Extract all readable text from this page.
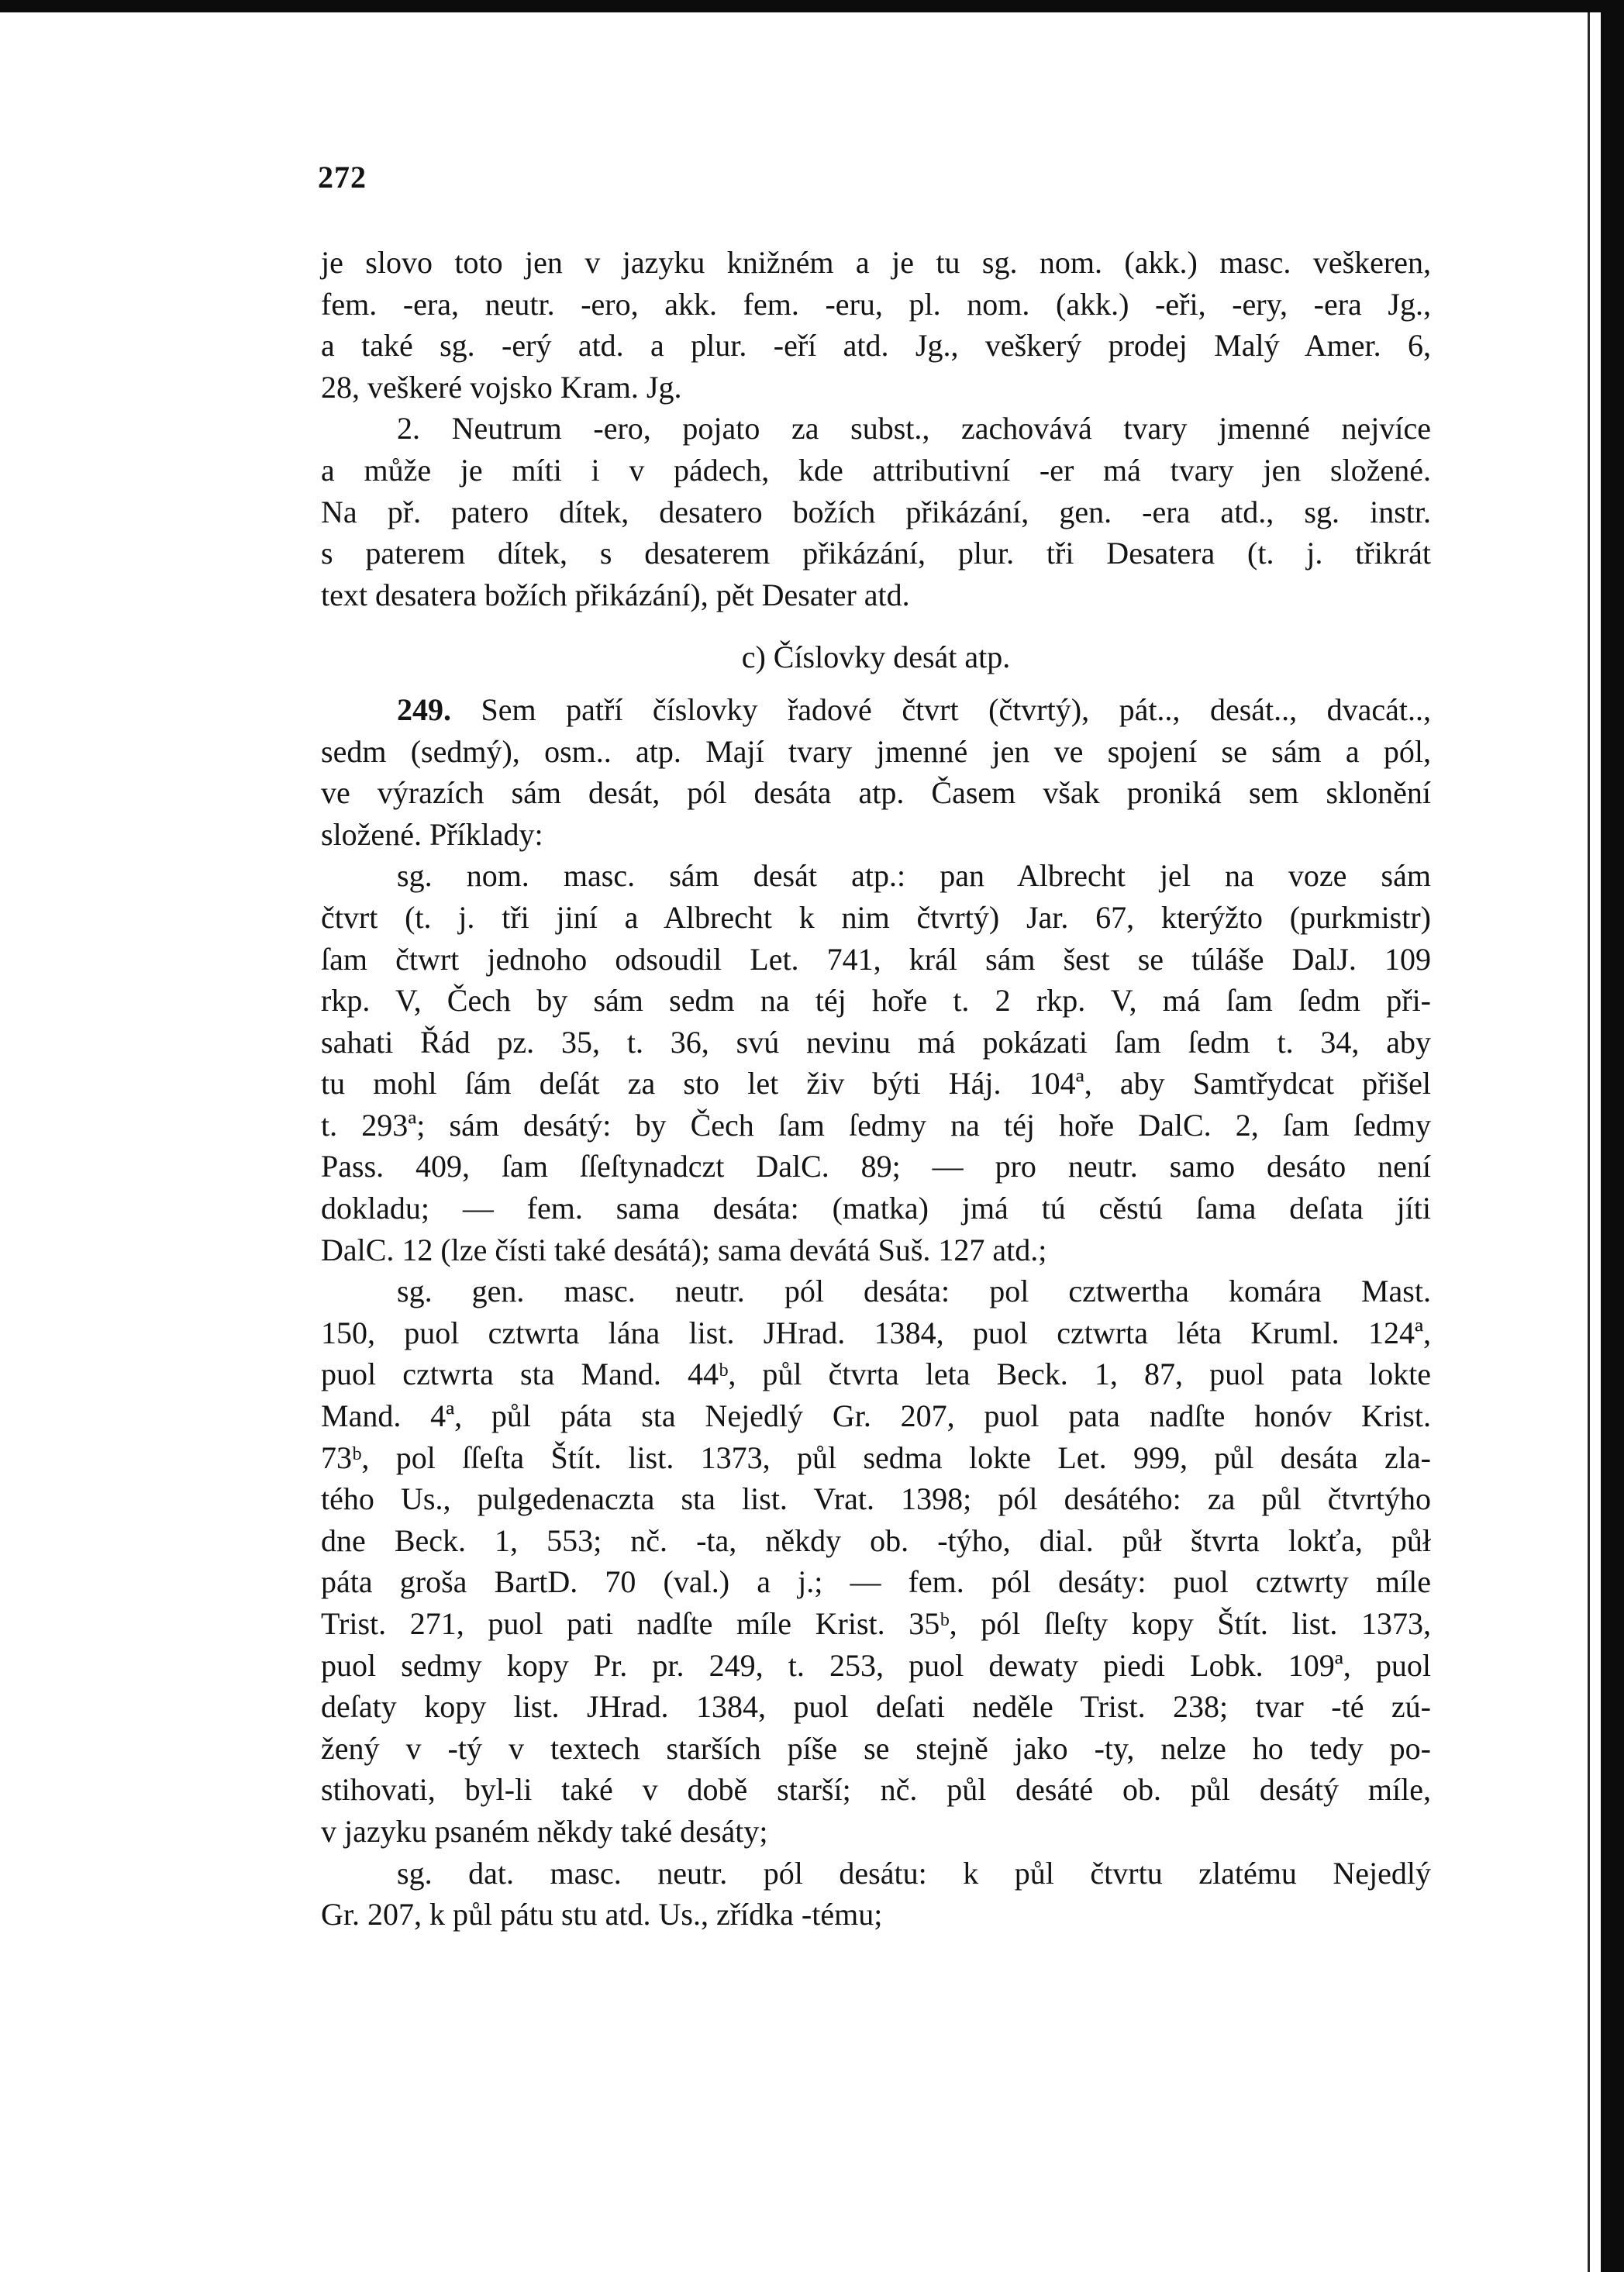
272
je slovo toto jen v jazyku knižném a je tu sg. nom. (akk.) masc. veškeren,
fem. -era, neutr. -ero, akk. fem. -eru, pl. nom. (akk.) -eři, -ery, -era Jg.,
a také sg. -erý atd. a plur. -eří atd. Jg., veškerý prodej Malý Amer. 6,
28, veškeré vojsko Kram. Jg.
2. Neutrum -ero, pojato za subst., zachovává tvary jmenné nejvíce
a může je míti i v pádech, kde attributivní -er má tvary jen složené.
Na př. patero dítek, desatero božích přikázání, gen. -era atd., sg. instr.
s paterem dítek, s desaterem přikázání, plur. tři Desatera (t. j. třikrát
text desatera božích přikázání), pět Desater atd.
c) Číslovky desát atp.
249. Sem patří číslovky řadové čtvrt (čtvrtý), pát.., desát.., dvacát..,
sedm (sedmý), osm.. atp. Mají tvary jmenné jen ve spojení se sám a pól,
ve výrazích sám desát, pól desáta atp. Časem však proniká sem sklonění
složené. Příklady:
sg. nom. masc. sám desát atp.: pan Albrecht jel na voze sám
čtvrt (t. j. tři jiní a Albrecht k nim čtvrtý) Jar. 67, kterýžto (purkmistr)
ſam čtwrt jednoho odsoudil Let. 741, král sám šest se túláše DalJ. 109
rkp. V, Čech by sám sedm na téj hoře t. 2 rkp. V, má ſam ſedm při-
sahati Řád pz. 35, t. 36, svú nevinu má pokázati ſam ſedm t. 34, aby
tu mohl ſám deſát za sto let živ býti Háj. 104ª, aby Samtřydcat přišel
t. 293ª; sám desátý: by Čech ſam ſedmy na téj hoře DalC. 2, ſam ſedmy
Pass. 409, ſam ſſeſtynadczt DalC. 89; — pro neutr. samo desáto není
dokladu; — fem. sama desáta: (matka) jmá tú cěstú ſama deſata jíti
DalC. 12 (lze čísti také desátá); sama devátá Suš. 127 atd.;
sg. gen. masc. neutr. pól desáta: pol cztwertha komára Mast.
150, puol cztwrta lána list. JHrad. 1384, puol cztwrta léta Kruml. 124ª,
puol cztwrta sta Mand. 44ᵇ, půl čtvrta leta Beck. 1, 87, puol pata lokte
Mand. 4ª, půl pátа sta Nejedlý Gr. 207, puol pata nadſte honóv Krist.
73ᵇ, pol ſſeſta Štít. list. 1373, půl sedma lokte Let. 999, půl desáta zla-
tého Us., pulgedenaczta sta list. Vrat. 1398; pól desátého: za půl čtvrtýho
dne Beck. 1, 553; nč. -ta, někdy ob. -týho, dial. půł štvrta lokťa, půł
pátа groša BartD. 70 (val.) a j.; — fem. pól desáty: puol cztwrty míle
Trist. 271, puol pati nadſte míle Krist. 35ᵇ, pól ſleſty kopy Štít. list. 1373,
puol sedmy kopy Pr. pr. 249, t. 253, puol dewaty piedi Lobk. 109ª, puol
deſaty kopy list. JHrad. 1384, puol deſati neděle Trist. 238; tvar -té zú-
žený v -tý v textech starších píše se stejně jako -ty, nelze ho tedy po-
stihovati, byl-li také v době starší; nč. půl desáté ob. půl desátý míle,
v jazyku psaném někdy také desáty;
sg. dat. masc. neutr. pól desátu: k půl čtvrtu zlatému Nejedlý
Gr. 207, k půl pátu stu atd. Us., zřídka -tému;
